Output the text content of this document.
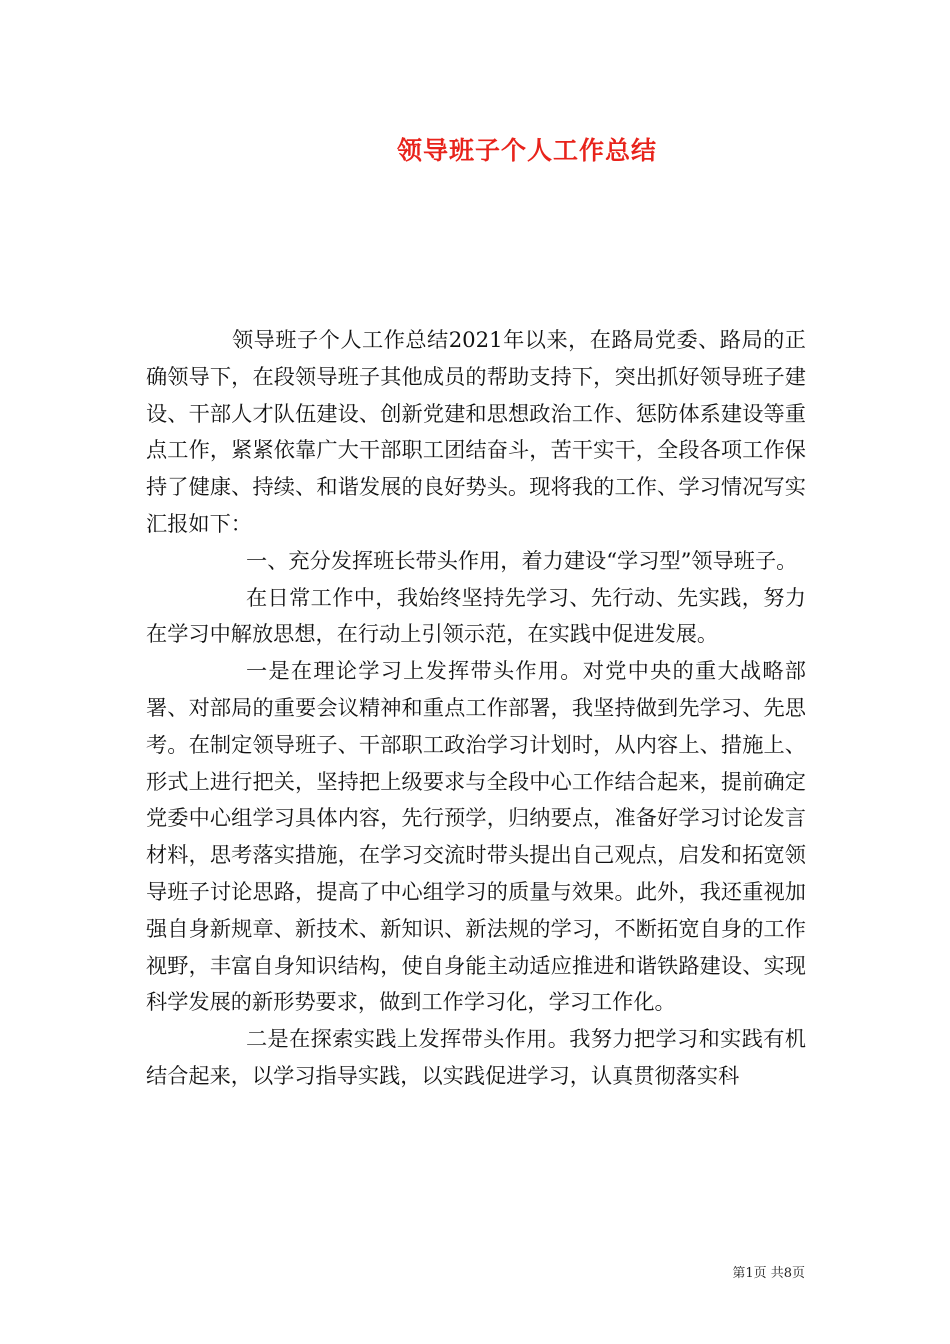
领导班子个人工作总结

领导班子个人工作总结2021年以来，在路局党委、路局的正确领导下，在段领导班子其他成员的帮助支持下，突出抓好领导班子建设、干部人才队伍建设、创新党建和思想政治工作、惩防体系建设等重点工作，紧紧依靠广大干部职工团结奋斗，苦干实干，全段各项工作保持了健康、持续、和谐发展的良好势头。现将我的工作、学习情况写实汇报如下：

一、充分发挥班长带头作用，着力建设“学习型”领导班子。

在日常工作中，我始终坚持先学习、先行动、先实践，努力在学习中解放思想，在行动上引领示范，在实践中促进发展。

一是在理论学习上发挥带头作用。对党中央的重大战略部署、对部局的重要会议精神和重点工作部署，我坚持做到先学习、先思考。在制定领导班子、干部职工政治学习计划时，从内容上、措施上、形式上进行把关，坚持把上级要求与全段中心工作结合起来，提前确定党委中心组学习具体内容，先行预学，归纳要点，准备好学习讨论发言材料，思考落实措施，在学习交流时带头提出自己观点，启发和拓宽领导班子讨论思路，提高了中心组学习的质量与效果。此外，我还重视加强自身新规章、新技术、新知识、新法规的学习，不断拓宽自身的工作视野，丰富自身知识结构，使自身能主动适应推进和谐铁路建设、实现科学发展的新形势要求，做到工作学习化，学习工作化。

二是在探索实践上发挥带头作用。我努力把学习和实践有机结合起来，以学习指导实践，以实践促进学习，认真贯彻落实科

第1页 共8页
